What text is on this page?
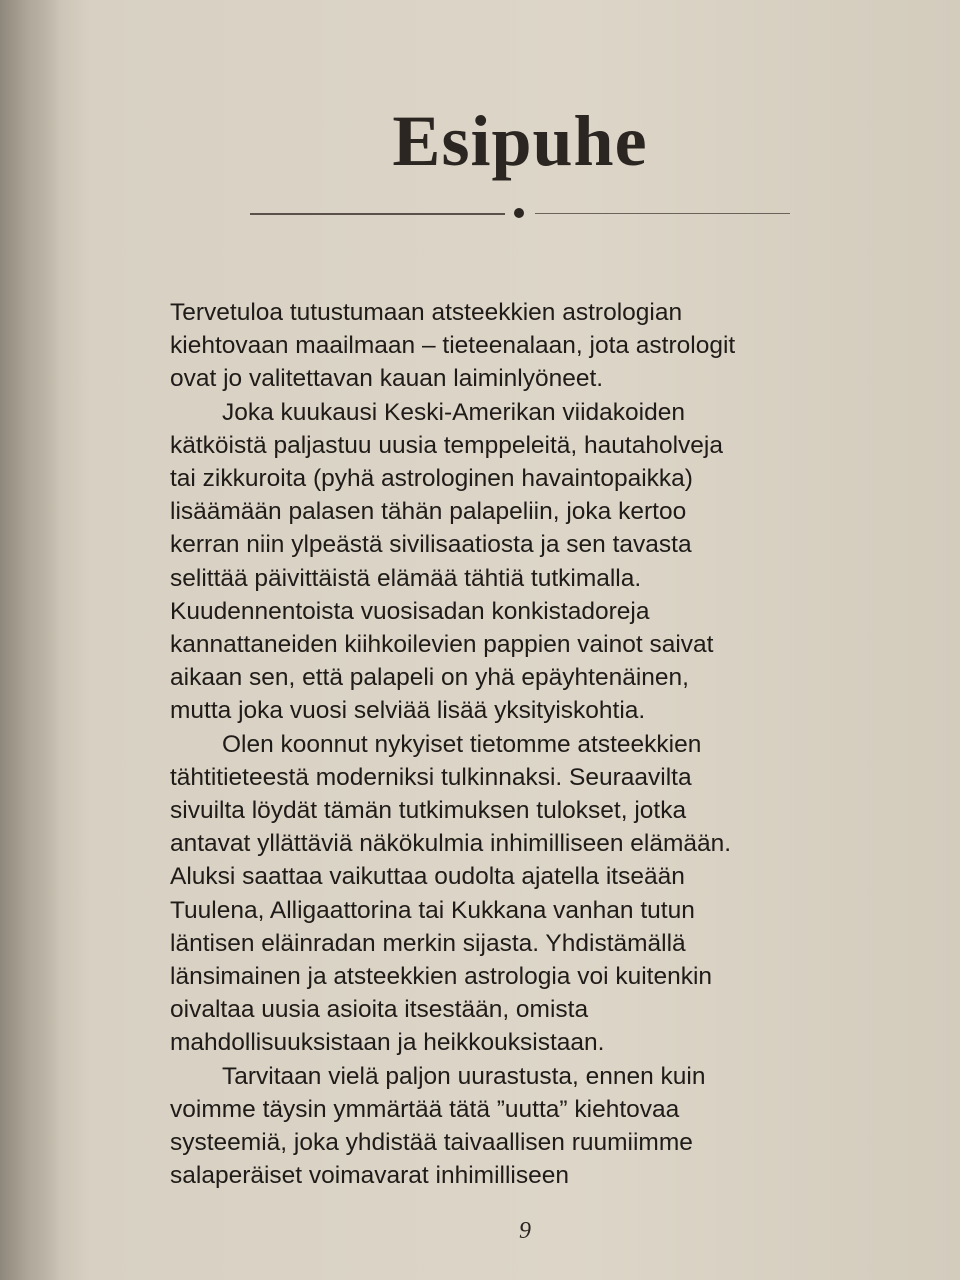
Esipuhe
Tervetuloa tutustumaan atsteekkien astrologian
kiehtovaan maailmaan – tieteenalaan, jota astrologit
ovat jo valitettavan kauan laiminlyöneet.
Joka kuukausi Keski-Amerikan viidakoiden
kätköistä paljastuu uusia temppeleitä, hautaholveja
tai zikkuroita (pyhä astrologinen havaintopaikka)
lisäämään palasen tähän palapeliin, joka kertoo
kerran niin ylpeästä sivilisaatiosta ja sen tavasta
selittää päivittäistä elämää tähtiä tutkimalla.
Kuudennentoista vuosisadan konkistadoreja
kannattaneiden kiihkoilevien pappien vainot saivat
aikaan sen, että palapeli on yhä epäyhtenäinen,
mutta joka vuosi selviää lisää yksityiskohtia.
Olen koonnut nykyiset tietomme atsteekkien
tähtitieteestä moderniksi tulkinnaksi. Seuraavilta
sivuilta löydät tämän tutkimuksen tulokset, jotka
antavat yllättäviä näkökulmia inhimilliseen elämään.
Aluksi saattaa vaikuttaa oudolta ajatella itseään
Tuulena, Alligaattorina tai Kukkana vanhan tutun
läntisen eläinradan merkin sijasta. Yhdistämällä
länsimainen ja atsteekkien astrologia voi kuitenkin
oivaltaa uusia asioita itsestään, omista
mahdollisuuksistaan ja heikkouksistaan.
Tarvitaan vielä paljon uurastusta, ennen kuin
voimme täysin ymmärtää tätä ”uutta” kiehtovaa
systeemiä, joka yhdistää taivaallisen ruumiimme
salaperäiset voimavarat inhimilliseen
9
